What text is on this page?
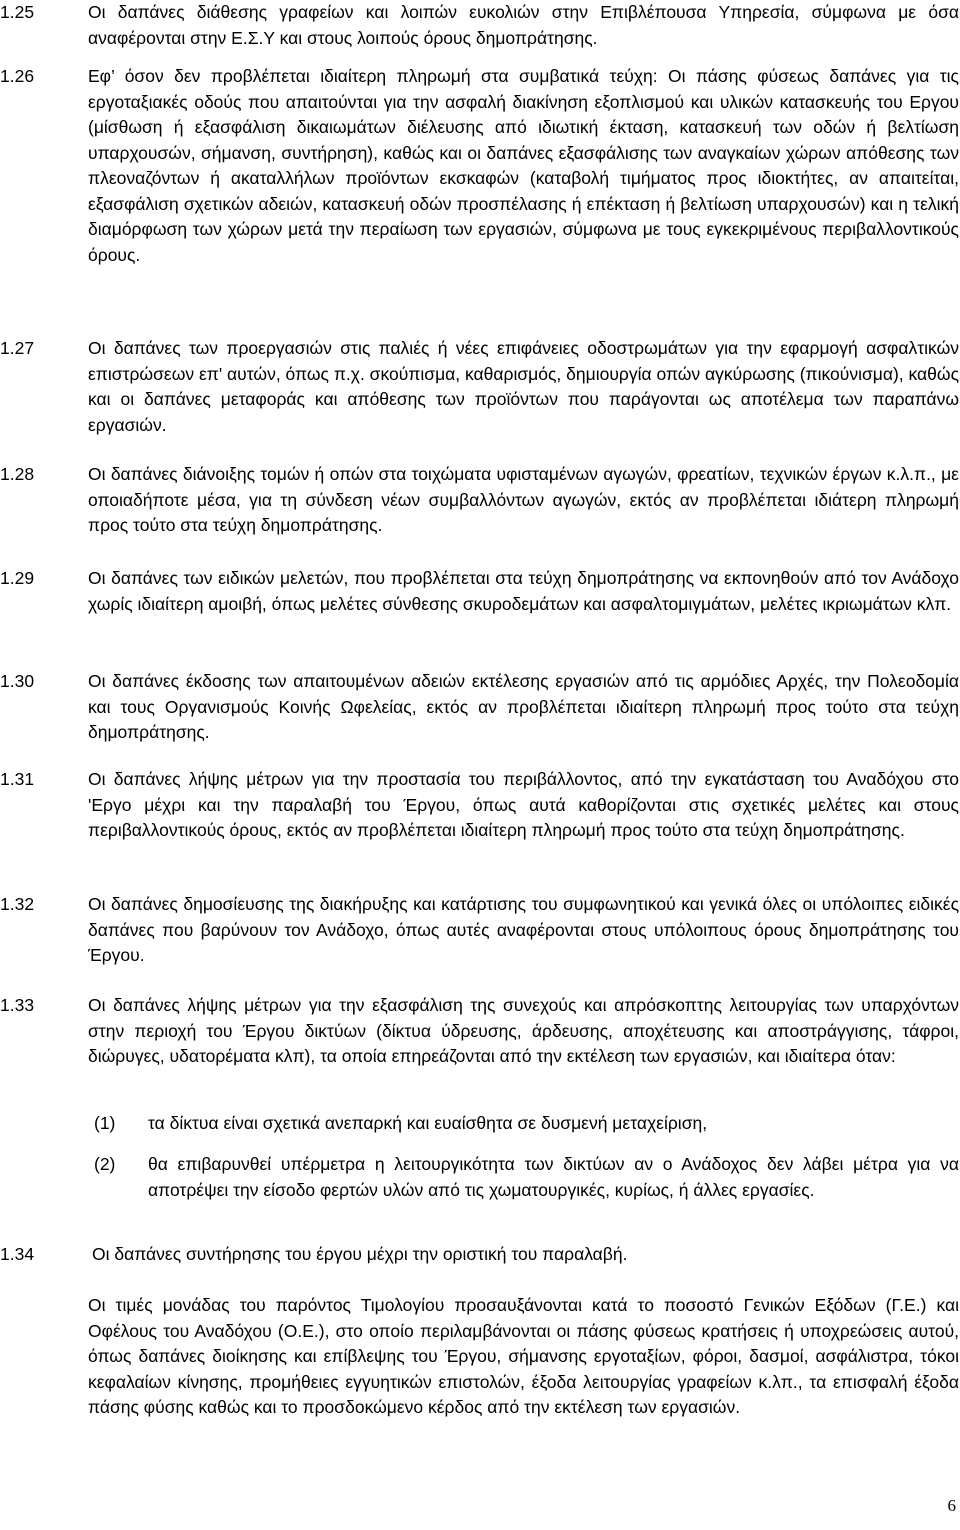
1.25	Οι δαπάνες διάθεσης γραφείων και λοιπών ευκολιών στην Επιβλέπουσα Υπηρεσία, σύμφωνα με όσα αναφέρονται στην Ε.Σ.Υ και στους λοιπούς όρους δημοπράτησης.
1.26	Εφ’ όσον δεν προβλέπεται ιδιαίτερη πληρωμή στα συμβατικά τεύχη: Οι πάσης φύσεως δαπάνες για τις εργοταξιακές οδούς που απαιτούνται για την ασφαλή διακίνηση εξοπλισμού και υλικών κατασκευής του Εργου (μίσθωση ή εξασφάλιση δικαιωμάτων διέλευσης από ιδιωτική έκταση, κατασκευή των οδών ή βελτίωση υπαρχουσών, σήμανση, συντήρηση), καθώς και οι δαπάνες εξασφάλισης των αναγκαίων χώρων απόθεσης των πλεοναζόντων ή ακαταλλήλων προϊόντων εκσκαφών (καταβολή τιμήματος προς ιδιοκτήτες, αν απαιτείται, εξασφάλιση σχετικών αδειών, κατασκευή οδών προσπέλασης ή επέκταση ή βελτίωση υπαρχουσών) και η τελική διαμόρφωση των χώρων μετά την περαίωση των εργασιών, σύμφωνα με τους εγκεκριμένους περιβαλλοντικούς όρους.
1.27	Οι δαπάνες των προεργασιών στις παλιές ή νέες επιφάνειες οδοστρωμάτων για την εφαρμογή ασφαλτικών επιστρώσεων επ' αυτών, όπως π.χ. σκούπισμα, καθαρισμός, δημιουργία οπών αγκύρωσης (πικούνισμα), καθώς και οι δαπάνες μεταφοράς και απόθεσης των προϊόντων που παράγονται ως αποτέλεμα των παραπάνω εργασιών.
1.28	Οι δαπάνες διάνοιξης τομών ή οπών στα τοιχώματα υφισταμένων αγωγών, φρεατίων, τεχνικών έργων κ.λ.π., με οποιαδήποτε μέσα, για τη σύνδεση νέων συμβαλλόντων αγωγών, εκτός αν προβλέπεται ιδιάτερη πληρωμή προς τούτο στα τεύχη δημοπράτησης.
1.29	Οι δαπάνες των ειδικών μελετών, που προβλέπεται στα τεύχη δημοπράτησης να εκπονηθούν από τον Ανάδοχο χωρίς ιδιαίτερη αμοιβή, όπως μελέτες σύνθεσης σκυροδεμάτων και ασφαλτομιγμάτων, μελέτες ικριωμάτων κλπ.
1.30	Οι δαπάνες έκδοσης των απαιτουμένων αδειών εκτέλεσης εργασιών από τις αρμόδιες Αρχές, την Πολεοδομία και τους Οργανισμούς Κοινής Ωφελείας, εκτός αν προβλέπεται ιδιαίτερη πληρωμή προς τούτο στα τεύχη δημοπράτησης.
1.31	Οι δαπάνες λήψης μέτρων για την προστασία του περιβάλλοντος, από την εγκατάσταση του Αναδόχου στο 'Εργο μέχρι και την παραλαβή του Έργου, όπως αυτά καθορίζονται στις σχετικές μελέτες και στους περιβαλλοντικούς όρους, εκτός αν προβλέπεται ιδιαίτερη πληρωμή προς τούτο στα τεύχη δημοπράτησης.
1.32	Οι δαπάνες δημοσίευσης της διακήρυξης και κατάρτισης του συμφωνητικού και γενικά όλες οι υπόλοιπες ειδικές δαπάνες που βαρύνουν τον Ανάδοχο, όπως αυτές αναφέρονται στους υπόλοιπους όρους δημοπράτησης του Έργου.
1.33	Οι δαπάνες λήψης μέτρων για την εξασφάλιση της συνεχούς και απρόσκοπτης λειτουργίας των υπαρχόντων στην περιοχή του Έργου δικτύων (δίκτυα ύδρευσης, άρδευσης, αποχέτευσης και αποστράγγισης, τάφροι, διώρυγες, υδατορέματα κλπ), τα οποία επηρεάζονται από την εκτέλεση των εργασιών, και ιδιαίτερα όταν:
(1) τα δίκτυα είναι σχετικά ανεπαρκή και ευαίσθητα σε δυσμενή μεταχείριση,
(2) θα επιβαρυνθεί υπέρμετρα η λειτουργικότητα των δικτύων αν ο Ανάδοχος δεν λάβει μέτρα για να αποτρέψει την είσοδο φερτών υλών από τις χωματουργικές, κυρίως, ή άλλες εργασίες.
1.34	Οι δαπάνες συντήρησης του έργου μέχρι την οριστική του παραλαβή.
Οι τιμές μονάδας του παρόντος Τιμολογίου προσαυξάνονται κατά το ποσοστό Γενικών Εξόδων (Γ.Ε.) και Οφέλους του Αναδόχου (Ο.Ε.), στο οποίο περιλαμβάνονται οι πάσης φύσεως κρατήσεις ή υποχρεώσεις αυτού, όπως δαπάνες διοίκησης και επίβλεψης του Έργου, σήμανσης εργοταξίων, φόροι, δασμοί, ασφάλιστρα, τόκοι κεφαλαίων κίνησης, προμήθειες εγγυητικών επιστολών, έξοδα λειτουργίας γραφείων κ.λπ., τα επισφαλή έξοδα πάσης φύσης καθώς και το προσδοκώμενο κέρδος από την εκτέλεση των εργασιών.
6
